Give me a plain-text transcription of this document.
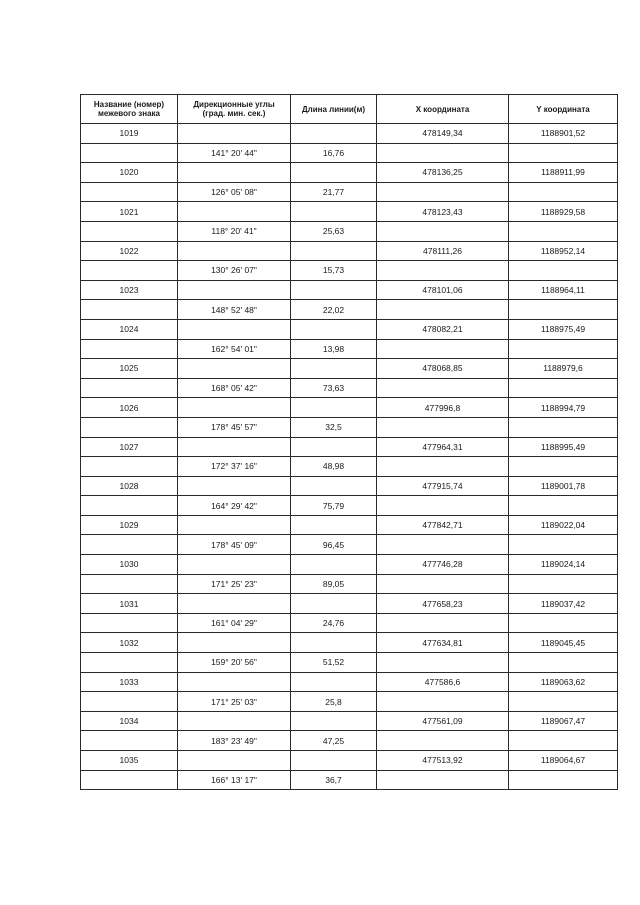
Название (номер) межевого знака	Дирекционные углы (град. мин. сек.)	Длина линии(м)	X координата	Y координата
1019			478149,34	1188901,52
	141° 20' 44"	16,76		
1020			478136,25	1188911,99
	126° 05' 08"	21,77		
1021			478123,43	1188929,58
	118° 20' 41"	25,63		
1022			478111,26	1188952,14
	130° 26' 07"	15,73		
1023			478101,06	1188964,11
	148° 52' 48"	22,02		
1024			478082,21	1188975,49
	162° 54' 01"	13,98		
1025			478068,85	1188979,6
	168° 05' 42"	73,63		
1026			477996,8	1188994,79
	178° 45' 57"	32,5		
1027			477964,31	1188995,49
	172° 37' 16"	48,98		
1028			477915,74	1189001,78
	164° 29' 42"	75,79		
1029			477842,71	1189022,04
	178° 45' 09"	96,45		
1030			477746,28	1189024,14
	171° 25' 23"	89,05		
1031			477658,23	1189037,42
	161° 04' 29"	24,76		
1032			477634,81	1189045,45
	159° 20' 56"	51,52		
1033			477586,6	1189063,62
	171° 25' 03"	25,8		
1034			477561,09	1189067,47
	183° 23' 49"	47,25		
1035			477513,92	1189064,67
	166° 13' 17"	36,7		
